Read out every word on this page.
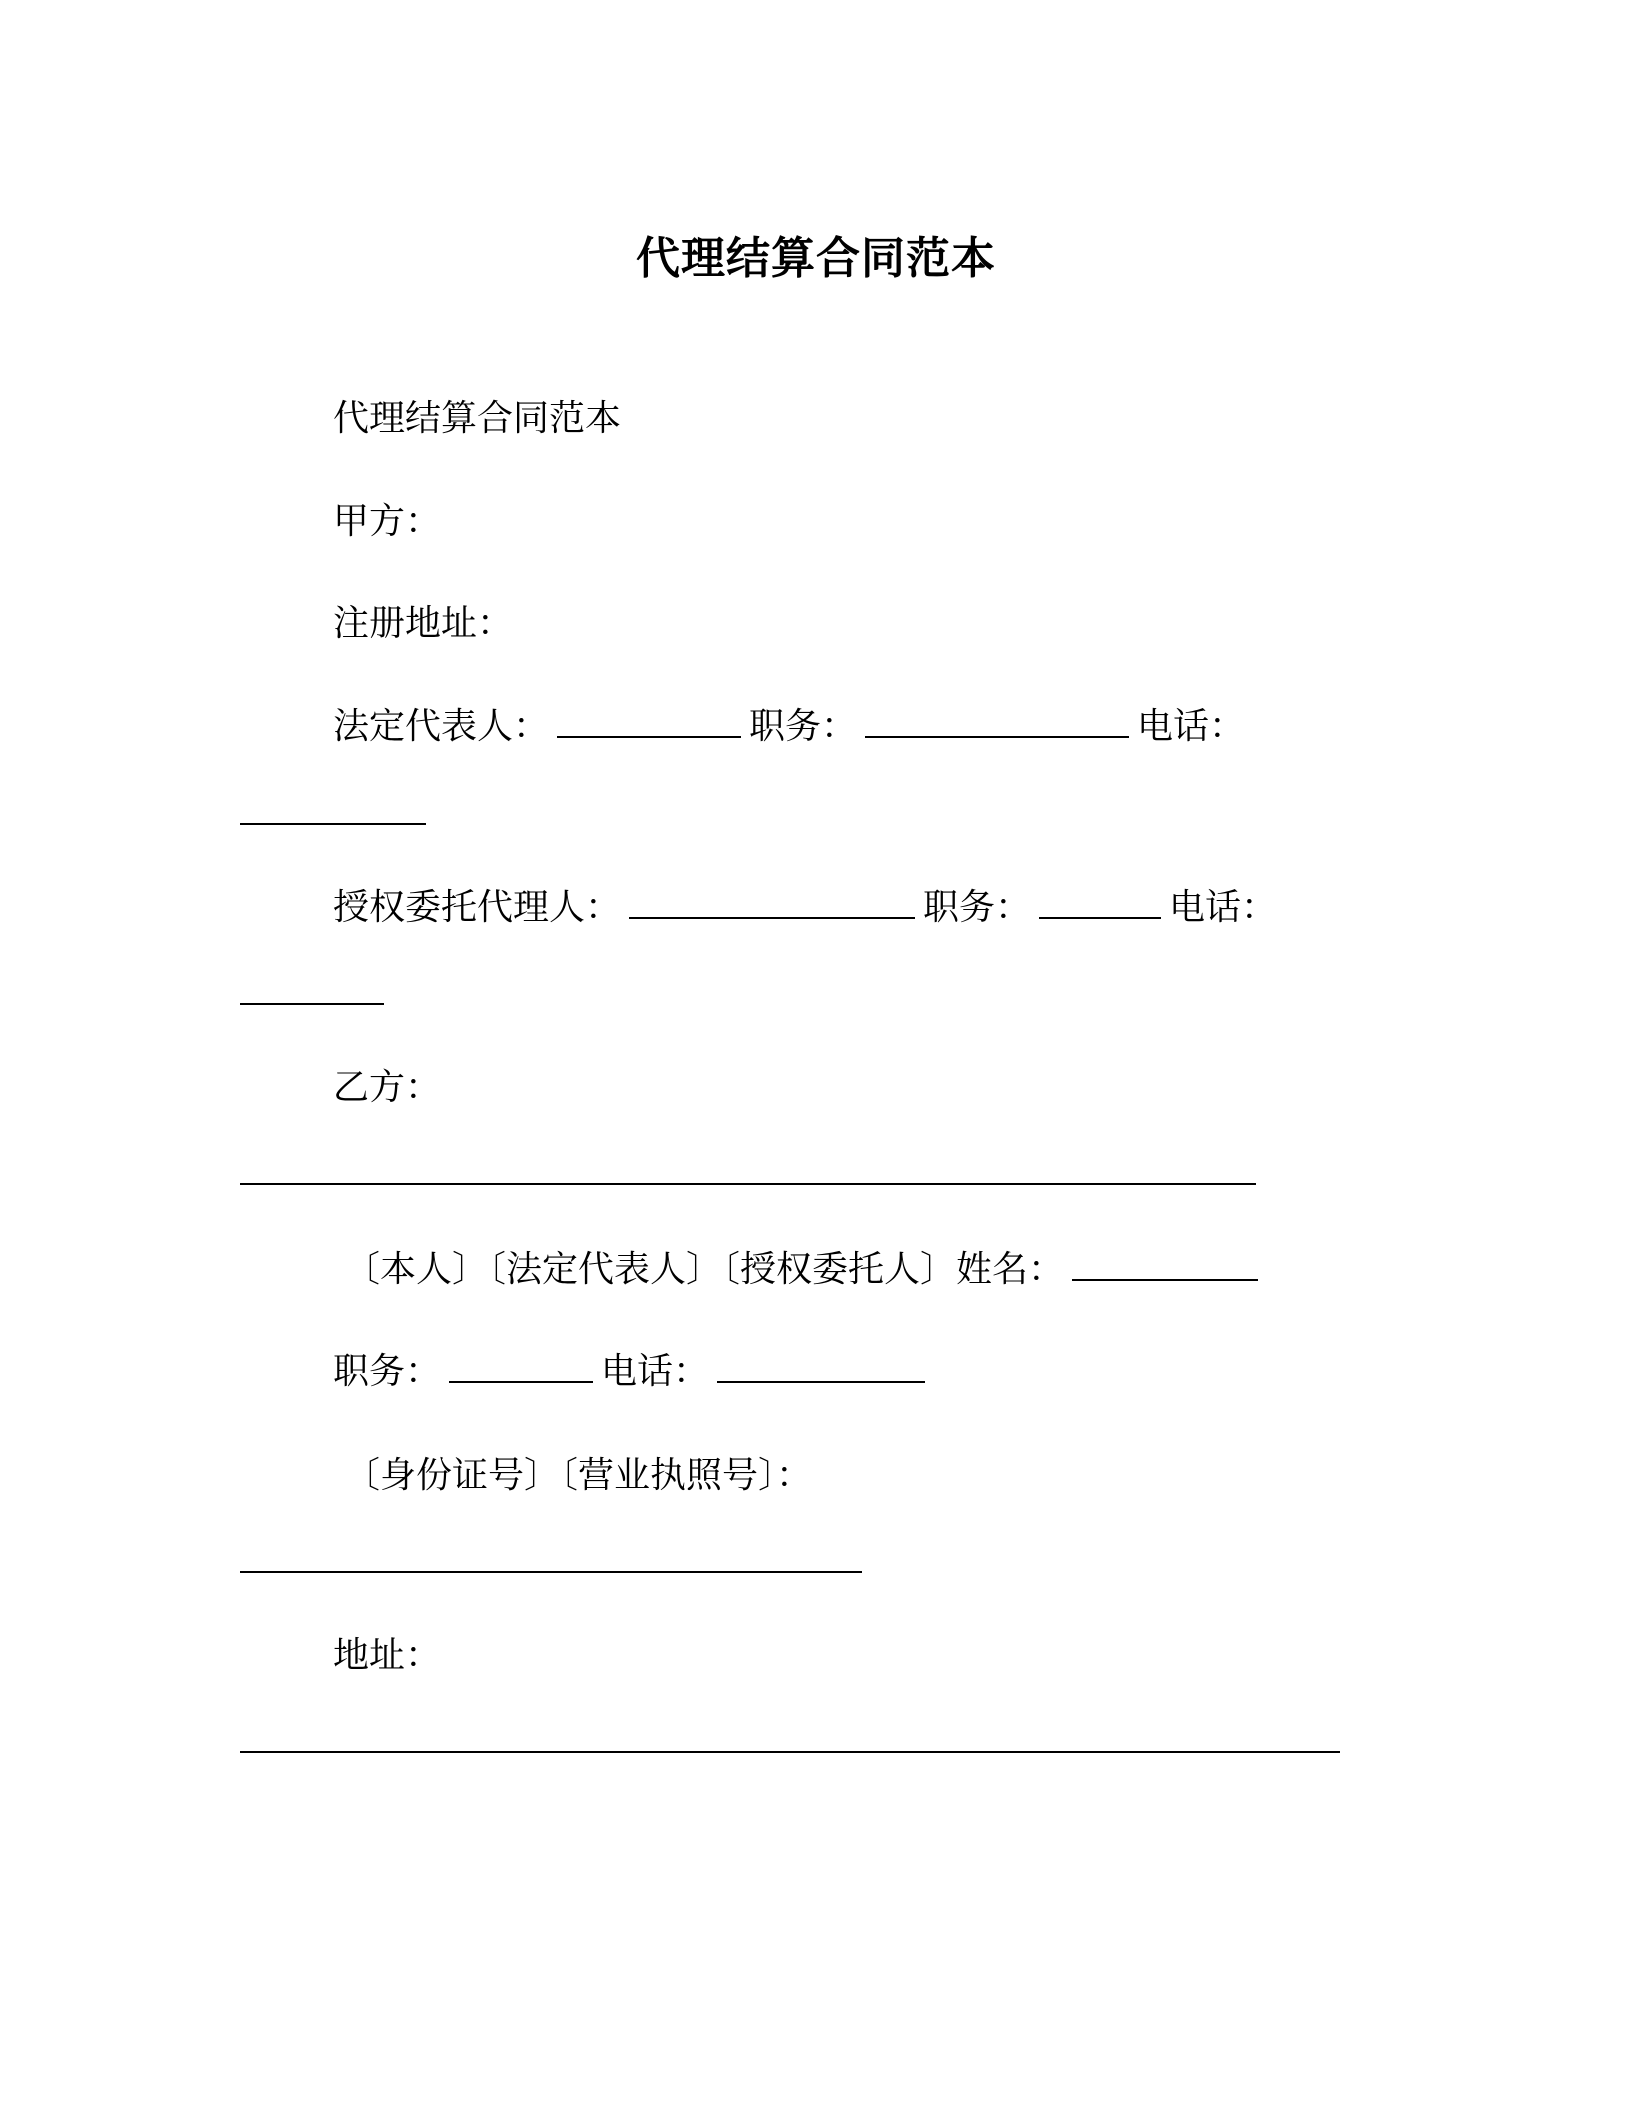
代理结算合同范本
代理结算合同范本
甲方：
注册地址：
法定代表人：	职务：	电话：
授权委托代理人：	职务：	电话：
乙方：
〔本人〕〔法定代表人〕〔授权委托人〕姓名：
职务：	电话：
〔身份证号〕〔营业执照号〕：
地址：
